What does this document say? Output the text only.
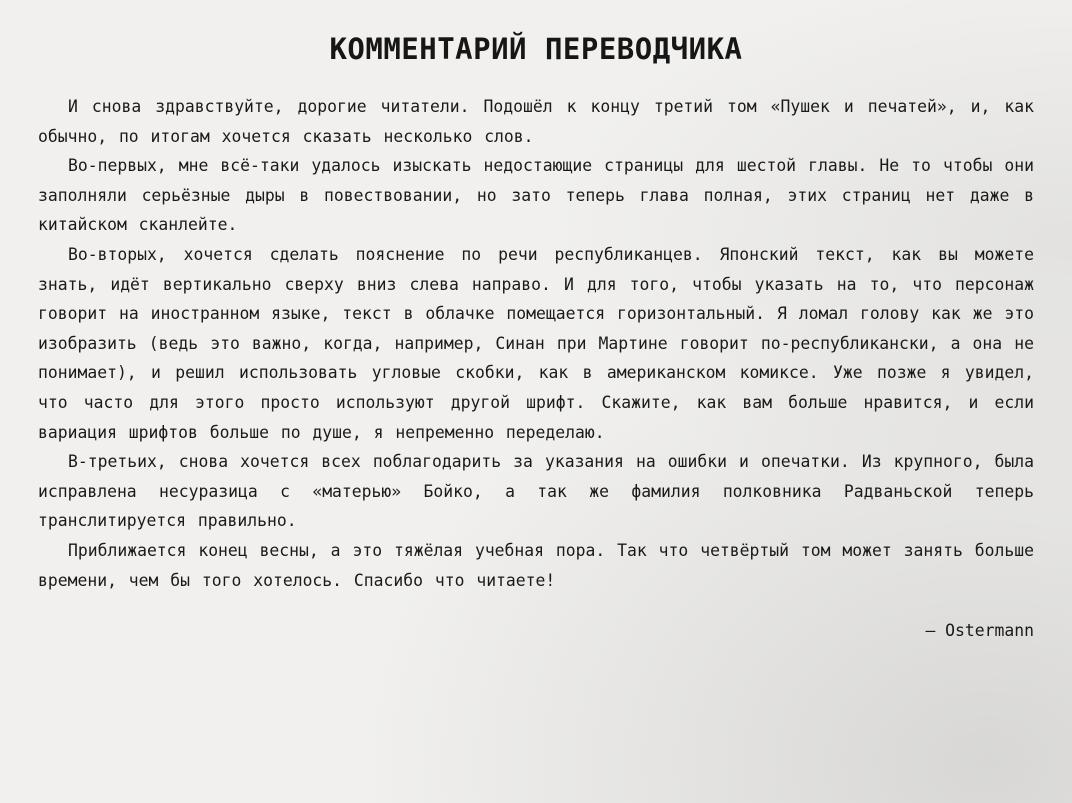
КОММЕНТАРИЙ ПЕРЕВОДЧИКА

И снова здравствуйте, дорогие читатели. Подошёл к концу третий том «Пушек и печатей», и, как обычно, по итогам хочется сказать несколько слов.

Во-первых, мне всё-таки удалось изыскать недостающие страницы для шестой главы. Не то чтобы они заполняли серьёзные дыры в повествовании, но зато теперь глава полная, этих страниц нет даже в китайском сканлейте.

Во-вторых, хочется сделать пояснение по речи республиканцев. Японский текст, как вы можете знать, идёт вертикально сверху вниз слева направо. И для того, чтобы указать на то, что персонаж говорит на иностранном языке, текст в облачке помещается горизонтальный. Я ломал голову как же это изобразить (ведь это важно, когда, например, Синан при Мартине говорит по-республикански, а она не понимает), и решил использовать угловые скобки, как в американском комиксе. Уже позже я увидел, что часто для этого просто используют другой шрифт. Скажите, как вам больше нравится, и если вариация шрифтов больше по душе, я непременно переделаю.

В-третьих, снова хочется всех поблагодарить за указания на ошибки и опечатки. Из крупного, была исправлена несуразица с «матерью» Бойко, а так же фамилия полковника Радваньской теперь транслитируется правильно.

Приближается конец весны, а это тяжёлая учебная пора. Так что четвёртый том может занять больше времени, чем бы того хотелось. Спасибо что читаете!

— Ostermann
